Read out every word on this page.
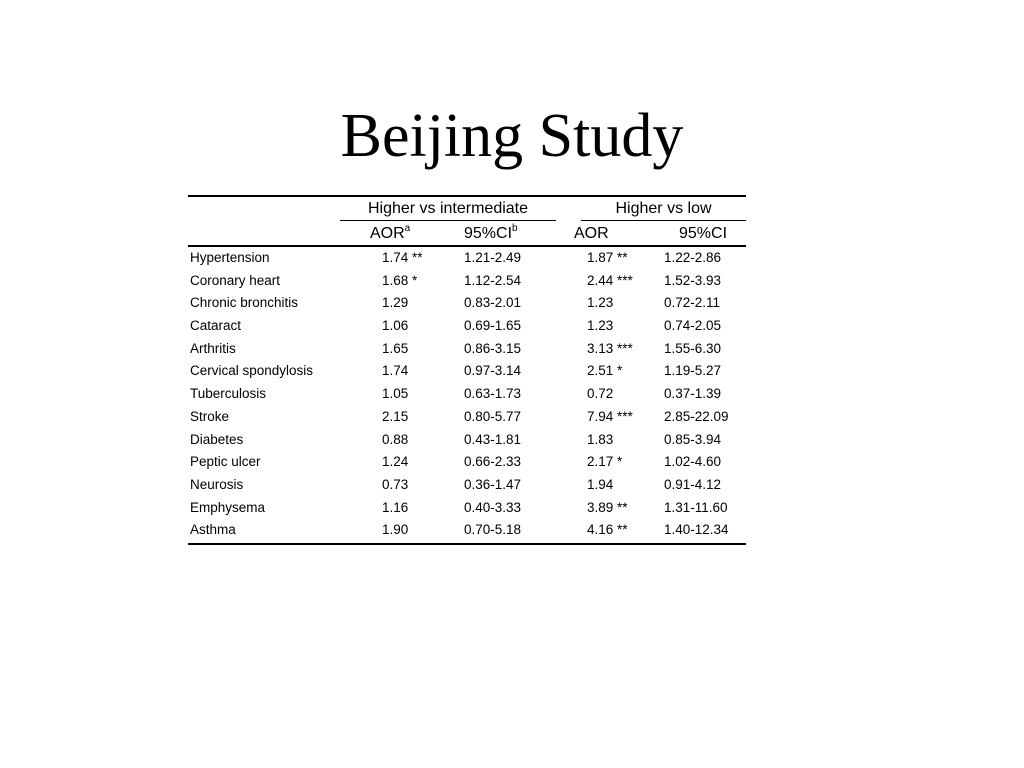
Beijing Study
Higher vs intermediate	Higher vs low
AOR$^a$	$95\%CI^b$	AOR	95%CI
Hypertension	1.74 **	1.21-2.49	1.87 **	1.22-2.86
Coronary heart	1.68 *	1.12-2.54	2.44 *** 1.52-3.93
Chronic bronchitis	1.29	0.83-2.01	1.23	0.72-2.11
Cataract	1.06	0.69-1.65	1.23	0.74-2.05
Arthritis	1.65	0.86-3.15	3.13 *** 1.55-6.30
Cervical spondylosis	1.74	0.97-3.14	2.51 *	1.19-5.27
Tuberculosis	1.05	0.63-1.73	0.72	0.37-1.39
Stroke	2.15	0.80-5.77	7.94 *** 2.85-22.09
Diabetes	0.88	0.43-1.81	1.83	0.85-3.94
Peptic ulcer	1.24	0.66-2.33	2.17 *	1.02-4.60
Neurosis	0.73	0.36-1.47	1.94	0.91-4.12
Emphysema	1.16	0.40-3.33	3.89 **	1.31-11.60
Asthma	1.90	0.70-5.18	4.16 **	1.40-12.34
